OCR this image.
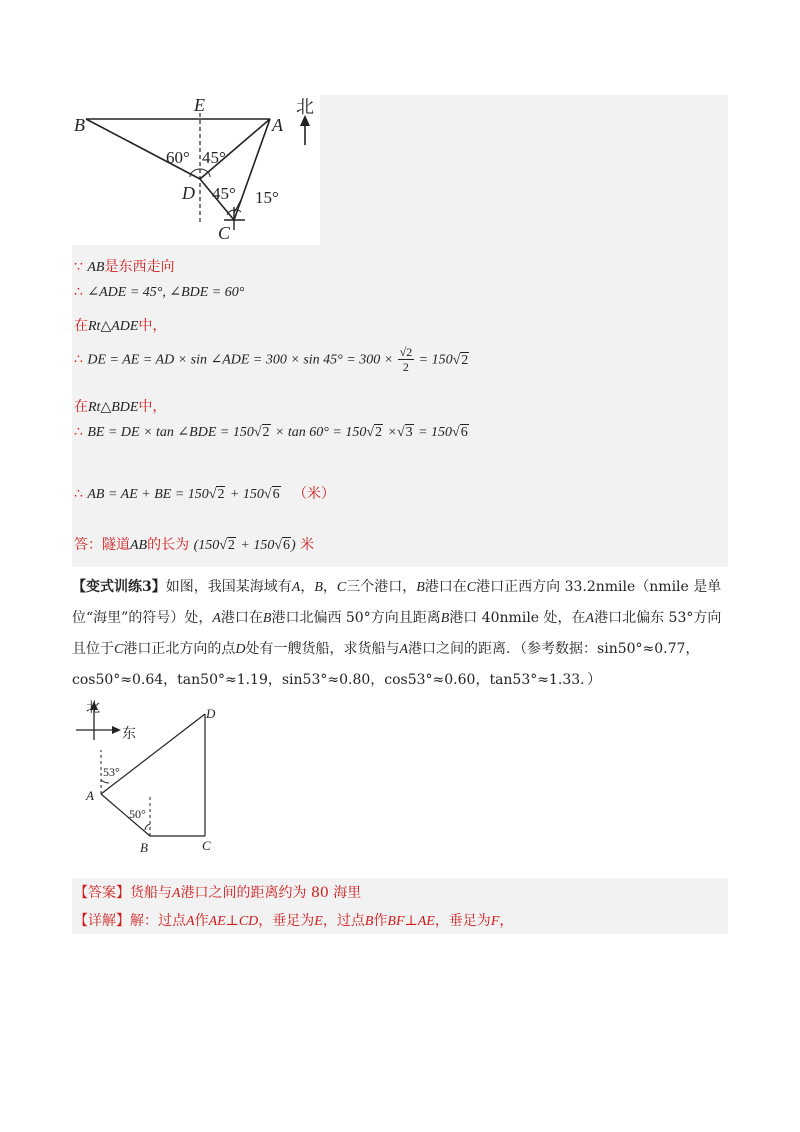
B
E
A
北
60° 45°
D 45° 15°
C
∵ AB是东西走向
∴ ∠ADE = 45°, ∠BDE = 60°
在Rt△ADE中，
∴ DE = AE = AD × sin ∠ADE = $300 \times \sin 45^\circ = 300 \times \frac{√2}{2} = 150√2$
在Rt△BDE中，
∴ BE = DE × tan ∠BDE = 150√2 × tan 60° = 150√2 ×√3 = 150√6
∴ AB = AE + BE = 150√2 + 150√6 （米）
答：隧道AB的长为 (150√2 + 150√6) 米
【变式训练3】如图，我国某海域有A，B，C三个港口，B港口在C港口正西方向 33.2nmile（nmile 是单位“海里”的符号）处，A港口在B港口北偏西 50°方向且距离B港口 40nmile 处，在A港口北偏东 53°方向且位于C港口正北方向的点D处有一艘货船，求货船与A港口之间的距离．（参考数据：sin50°≈0.77，cos50°≈0.64，tan50°≈1.19，sin53°≈0.80，cos53°≈0.60，tan53°≈1.33．）
北
东
D
53°
A
50°
B	C
【答案】货船与A港口之间的距离约为 80 海里
【详解】解：过点A作AE⊥CD，垂足为E，过点B作BF⊥AE，垂足为F，
